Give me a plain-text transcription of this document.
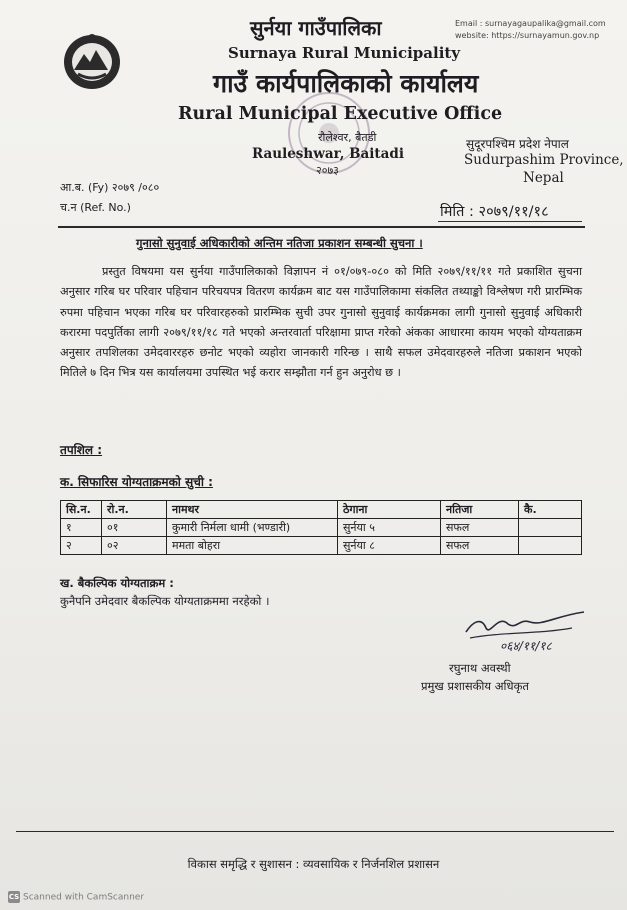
सुर्नया गाउँपालिका
Surnaya Rural Municipality
गाउँ कार्यपालिकाको कार्यालय
Rural Municipal Executive Office
रौलेश्वर, बैतडी
Rauleshwar, Baitadi
२०७३
Email : surnayagaupalika@gmail.com
website: https://surnayamun.gov.np
सुदूरपश्चिम प्रदेश नेपाल
Sudurpashim Province,
Nepal
आ.ब. (Fy) २०७९ /०८०
च.न (Ref. No.)	मिति : २०७९/११/१८
गुनासो सुनुवाई अधिकारीको अन्तिम नतिजा प्रकाशन सम्बन्धी सुचना ।
प्रस्तुत विषयमा यस सुर्नया गाउँपालिकाको विज्ञापन नं ०१/०७९-०८० को मिति २०७९/११/११ गते प्रकाशित सुचना अनुसार गरिब घर परिवार पहिचान परिचयपत्र वितरण कार्यक्रम बाट यस गाउँपालिकामा संकलित तथ्याङ्को विश्लेषण गरी प्रारम्भिक रुपमा पहिचान भएका गरिब घर परिवारहरुको प्रारम्भिक सुची उपर गुनासो सुनुवाई कार्यक्रमका लागी गुनासो सुनुवाई अधिकारी करारमा पदपुर्तिका लागी २०७९/११/१८ गते भएको अन्तरवार्ता परिक्षामा प्राप्त गरेको अंकका आधारमा कायम भएको योग्यताक्रम अनुसार तपशिलका उमेदवाररहरु छनोट भएको व्यहोरा जानकारी गरिन्छ । साथै सफल उमेदवारहरुले नतिजा प्रकाशन भएको मितिले ७ दिन भित्र यस कार्यालयमा उपस्थित भई करार सम्झौता गर्न हुन अनुरोध छ ।
तपशिल :
क. सिफारिस योग्यताक्रमको सुची :
सि.न.	रो.न.	नामथर	ठेगाना	नतिजा	कै.
१	०१	कुमारी निर्मला धामी (भण्डारी)	सुर्नया ५	सफल	
२	०२	ममता बोहरा	सुर्नया ८	सफल	
ख. बैकल्पिक योग्यताक्रम :
कुनैपनि उमेदवार बैकल्पिक योग्यताक्रममा नरहेको ।
०६४/११/१८
रघुनाथ अवस्थी
प्रमुख प्रशासकीय अधिकृत
विकास समृद्धि र सुशासन : व्यवसायिक र निर्जनशिल प्रशासन
CS Scanned with CamScanner
